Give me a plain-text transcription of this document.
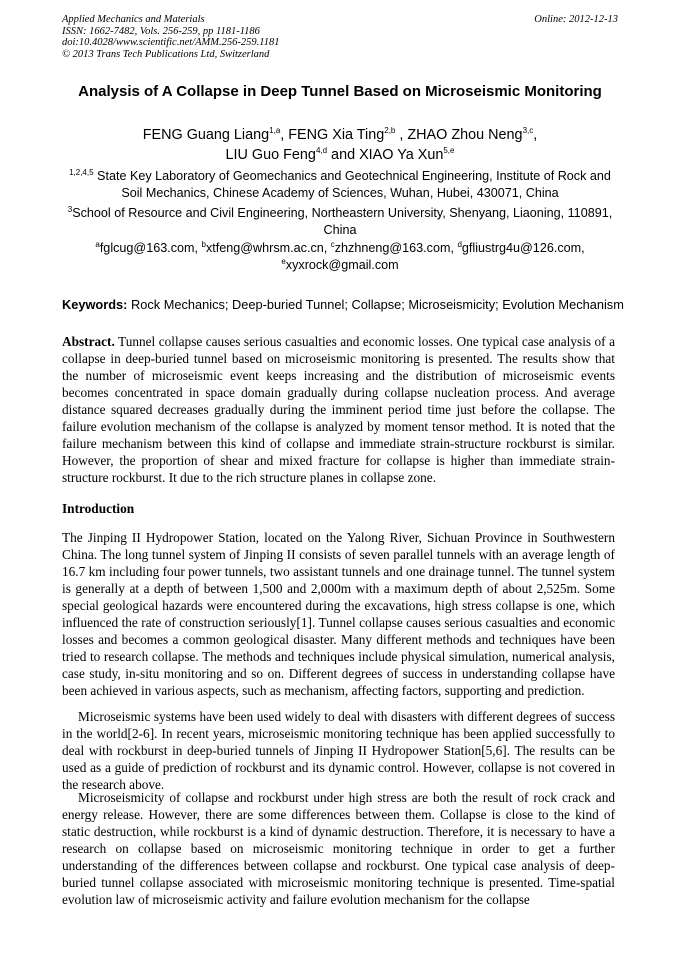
Applied Mechanics and Materials
ISSN: 1662-7482, Vols. 256-259, pp 1181-1186
doi:10.4028/www.scientific.net/AMM.256-259.1181
© 2013 Trans Tech Publications Ltd, Switzerland
Online: 2012-12-13
Analysis of A Collapse in Deep Tunnel Based on Microseismic Monitoring
FENG Guang Liang$^{1,a}$, FENG Xia Ting$^{2,b}$ , ZHAO Zhou Neng$^{3,c}$,
LIU Guo Feng$^{4,d}$ and XIAO Ya Xun$^{5,e}$
$^{1,2,4,5}$ State Key Laboratory of Geomechanics and Geotechnical Engineering, Institute of Rock and Soil Mechanics, Chinese Academy of Sciences, Wuhan, Hubei, 430071, China
$^3$School of Resource and Civil Engineering, Northeastern University, Shenyang, Liaoning, 110891, China
$^a$fglcug@163.com, $^b$xtfeng@whrsm.ac.cn, $^c$zhzhneng@163.com, $^d$gfliustrg4u@126.com,
$^e$xyxrock@gmail.com
Keywords: Rock Mechanics; Deep-buried Tunnel; Collapse; Microseismicity; Evolution Mechanism

Abstract. Tunnel collapse causes serious casualties and economic losses. One typical case analysis of a collapse in deep-buried tunnel based on microseismic monitoring is presented. The results show that the number of microseismic event keeps increasing and the distribution of microseismic events becomes concentrated in space domain gradually during collapse nucleation process. And average distance squared decreases gradually during the imminent period time just before the collapse. The failure evolution mechanism of the collapse is analyzed by moment tensor method. It is noted that the failure mechanism between this kind of collapse and immediate strain-structure rockburst is similar. However, the proportion of shear and mixed fracture for collapse is higher than immediate strain-structure rockburst. It due to the rich structure planes in collapse zone.

Introduction

The Jinping II Hydropower Station, located on the Yalong River, Sichuan Province in Southwestern China. The long tunnel system of Jinping II consists of seven parallel tunnels with an average length of 16.7 km including four power tunnels, two assistant tunnels and one drainage tunnel. The tunnel system is generally at a depth of between 1,500 and 2,000m with a maximum depth of about 2,525m. Some special geological hazards were encountered during the excavations, high stress collapse is one, which influenced the rate of construction seriously[1]. Tunnel collapse causes serious casualties and economic losses and becomes a common geological disaster. Many different methods and techniques have been tried to research collapse. The methods and techniques include physical simulation, numerical analysis, case study, in-situ monitoring and so on. Different degrees of success in understanding collapse have been achieved in various aspects, such as mechanism, affecting factors, supporting and prediction.

Microseismic systems have been used widely to deal with disasters with different degrees of success in the world[2-6]. In recent years, microseismic monitoring technique has been applied successfully to deal with rockburst in deep-buried tunnels of Jinping II Hydropower Station[5,6]. The results can be used as a guide of prediction of rockburst and its dynamic control. However, collapse is not covered in the research above.

Microseismicity of collapse and rockburst under high stress are both the result of rock crack and energy release. However, there are some differences between them. Collapse is close to the kind of static destruction, while rockburst is a kind of dynamic destruction. Therefore, it is necessary to have a research on collapse based on microseismic monitoring technique in order to get a further understanding of the differences between collapse and rockburst. One typical case analysis of deep-buried tunnel collapse associated with microseismic monitoring technique is presented. Time-spatial evolution law of microseismic activity and failure evolution mechanism for the collapse
